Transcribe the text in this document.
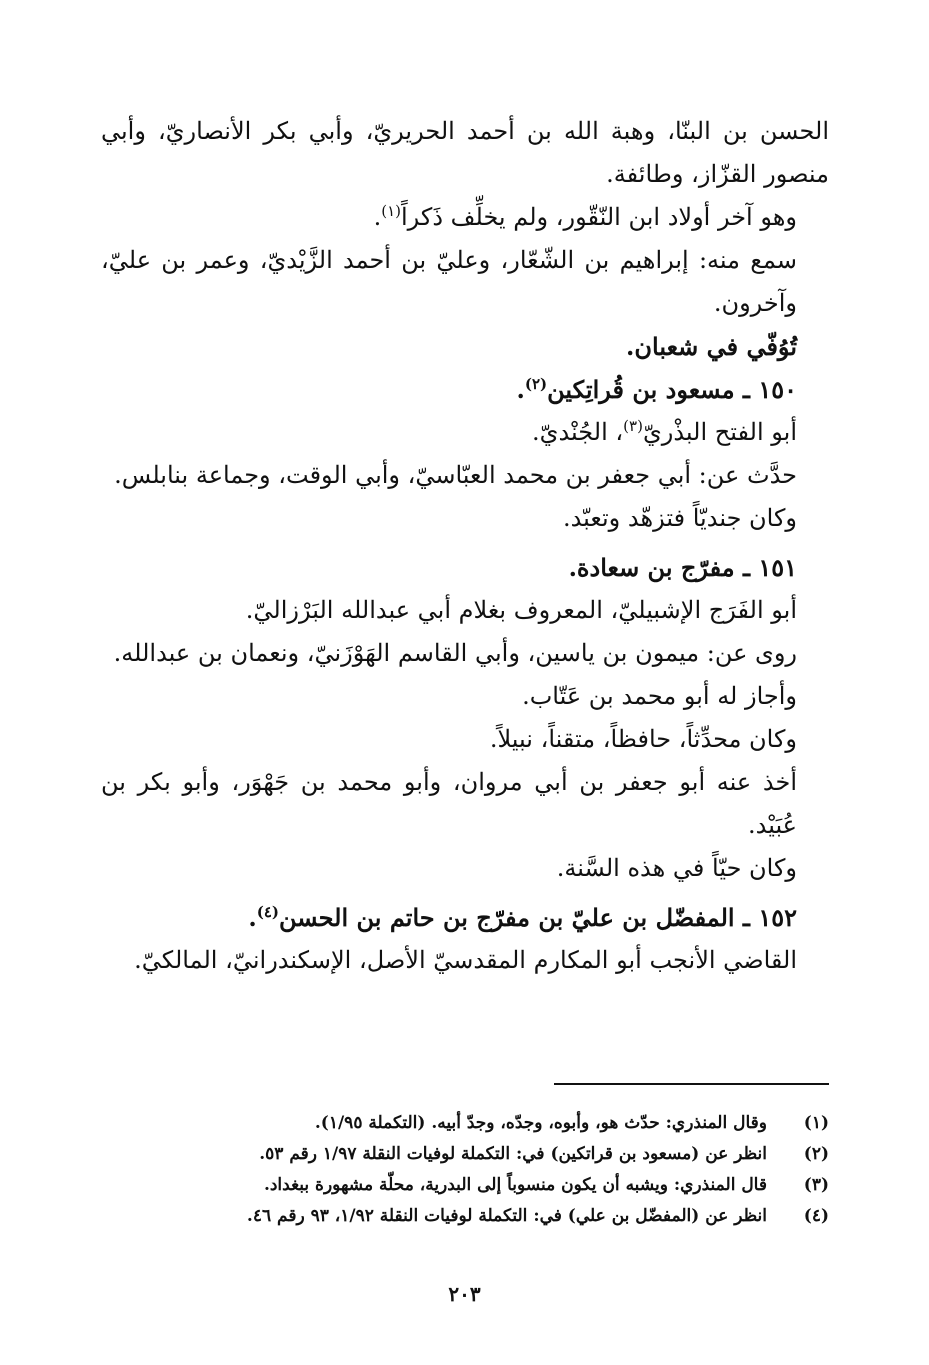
الحسن بن البنّا، وهبة الله بن أحمد الحريريّ، وأبي بكر الأنصاريّ، وأبي منصور القزّاز، وطائفة.

وهو آخر أولاد ابن النّقّور، ولم يخلِّف ذَكراً$^{(١)}$.

سمع منه: إبراهيم بن الشّعّار، وعليّ بن أحمد الزَّيْديّ، وعمر بن عليّ، وآخرون.

تُوُفّي في شعبان.

١٥٠ ـ مسعود بن قُراتِكين$^{(٢)}$.

أبو الفتح البذْريّ$^{(٣)}$، الجُنْديّ.

حدَّث عن: أبي جعفر بن محمد العبّاسيّ، وأبي الوقت، وجماعة بنابلس.

وكان جنديّاً فتزهّد وتعبّد.

١٥١ ـ مفرّج بن سعادة.

أبو الفَرَج الإشبيليّ، المعروف بغلام أبي عبدالله البَرْزاليّ.

روى عن: ميمون بن ياسين، وأبي القاسم الهَوْزَنيّ، ونعمان بن عبدالله.

وأجاز له أبو محمد بن عَتّاب.

وكان محدِّثاً، حافظاً، متقناً، نبيلاً.

أخذ عنه أبو جعفر بن أبي مروان، وأبو محمد بن جَهْوَر، وأبو بكر بن عُبَيْد.

وكان حيّاً في هذه السَّنة.

١٥٢ ـ المفضّل بن عليّ بن مفرّج بن حاتم بن الحسن$^{(٤)}$.

القاضي الأنجب أبو المكارم المقدسيّ الأصل، الإسكندرانيّ، المالكيّ.

(١)
وقال المنذري: حدّث هو، وأبوه، وجدّه، وجدّ أبيه. (التكملة ١/٩٥).
(٢)
انظر عن (مسعود بن قراتكين) في: التكملة لوفيات النقلة ١/٩٧ رقم ٥٣.
(٣)
قال المنذري: ويشبه أن يكون منسوباً إلى البدرية، محلّة مشهورة ببغداد.
(٤)
انظر عن (المفضّل بن علي) في: التكملة لوفيات النقلة ١/٩٢، ٩٣ رقم ٤٦.
٢٠٣
